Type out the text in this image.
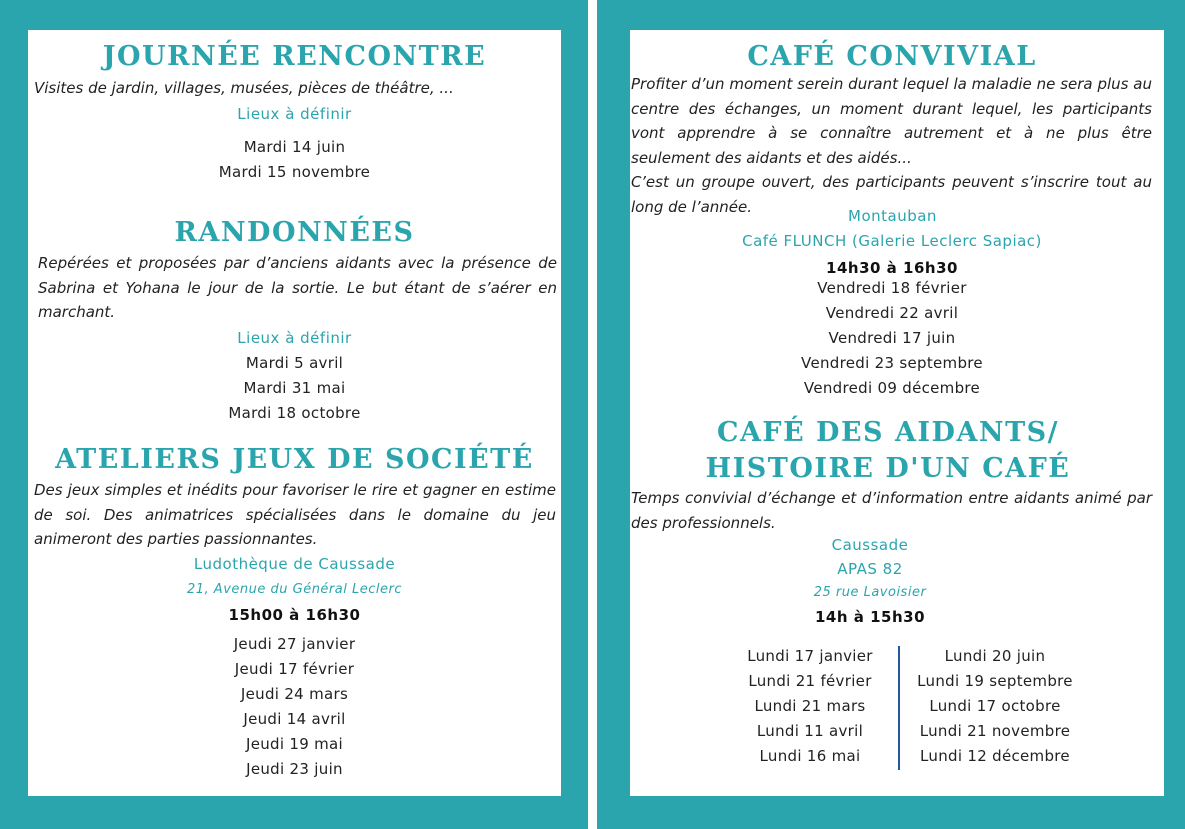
JOURNÉE RENCONTRE

Visites de jardin, villages, musées, pièces de théâtre, ...

Lieux à définir
Mardi 14 juin
Mardi 15 novembre
RANDONNÉES

Repérées et proposées par d’anciens aidants avec la présence de Sabrina et Yohana le jour de la sortie. Le but étant de s’aérer en marchant.

Lieux à définir
Mardi 5 avril
Mardi 31 mai
Mardi 18 octobre
ATELIERS JEUX DE SOCIÉTÉ

Des jeux simples et inédits pour favoriser le rire et gagner en estime de soi. Des animatrices spécialisées dans le domaine du jeu animeront des parties passionnantes.

Ludothèque de Caussade
21, Avenue du Général Leclerc
15h00 à 16h30
Jeudi 27 janvier
Jeudi 17 février
Jeudi 24 mars
Jeudi 14 avril
Jeudi 19 mai
Jeudi 23 juin
CAFÉ CONVIVIAL

Profiter d’un moment serein durant lequel la maladie ne sera plus au centre des échanges, un moment durant lequel, les participants vont apprendre à se connaître autrement et à ne plus être seulement des aidants et des aidés...

C’est un groupe ouvert, des participants peuvent s’inscrire tout au long de l’année.

Montauban
Café FLUNCH (Galerie Leclerc Sapiac)
14h30 à 16h30
Vendredi 18 février
Vendredi 22 avril
Vendredi 17 juin
Vendredi 23 septembre
Vendredi 09 décembre
CAFÉ DES AIDANTS/
HISTOIRE D'UN CAFÉ

Temps convivial d’échange et d’information entre aidants animé par des professionnels.

Caussade
APAS 82
25 rue Lavoisier
14h à 15h30
Lundi 17 janvier
Lundi 21 février
Lundi 21 mars
Lundi 11 avril
Lundi 16 mai
Lundi 20 juin
Lundi 19 septembre
Lundi 17 octobre
Lundi 21 novembre
Lundi 12 décembre
